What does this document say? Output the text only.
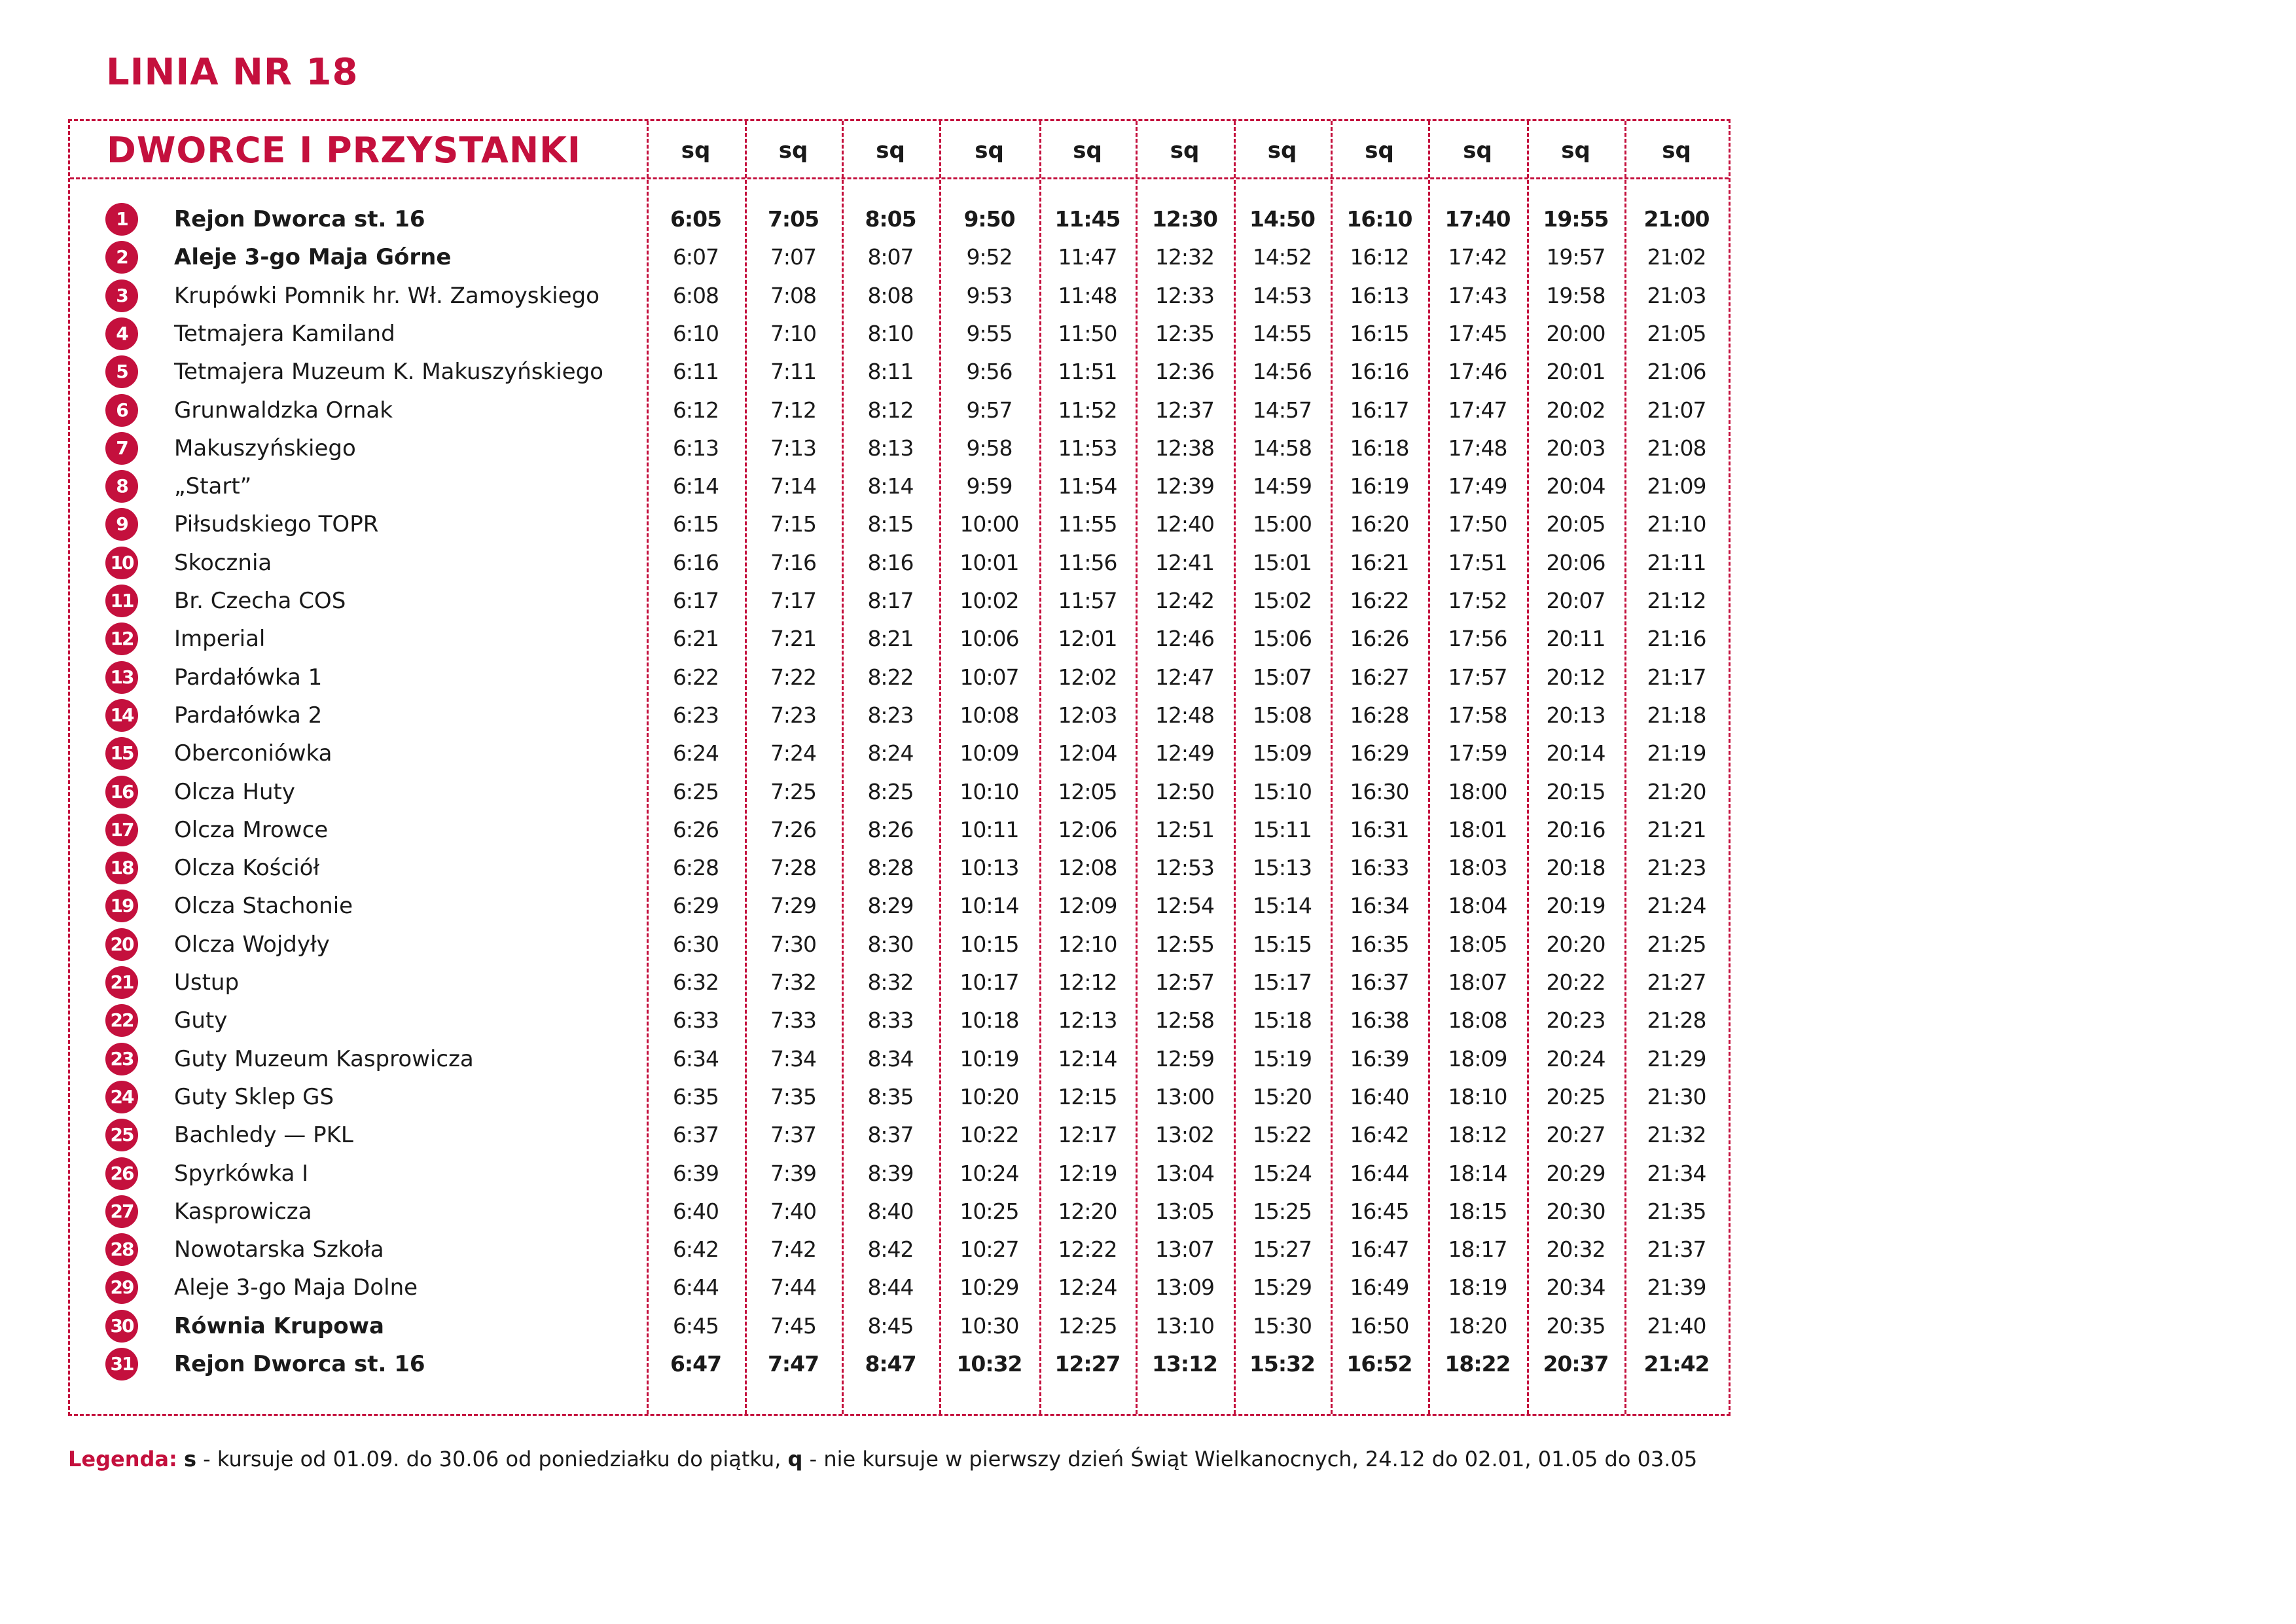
LINIA NR 18
DWORCE I PRZYSTANKI	sq	sq	sq	sq	sq	sq	sq	sq	sq	sq	sq
1	Rejon Dworca st. 16	6:05	7:05	8:05	9:50	11:45	12:30	14:50	16:10	17:40	19:55	21:00
2	Aleje 3-go Maja Górne	6:07	7:07	8:07	9:52	11:47	12:32	14:52	16:12	17:42	19:57	21:02
3	Krupówki Pomnik hr. Wł. Zamoyskiego	6:08	7:08	8:08	9:53	11:48	12:33	14:53	16:13	17:43	19:58	21:03
4	Tetmajera Kamiland	6:10	7:10	8:10	9:55	11:50	12:35	14:55	16:15	17:45	20:00	21:05
5	Tetmajera Muzeum K. Makuszyńskiego	6:11	7:11	8:11	9:56	11:51	12:36	14:56	16:16	17:46	20:01	21:06
6	Grunwaldzka Ornak	6:12	7:12	8:12	9:57	11:52	12:37	14:57	16:17	17:47	20:02	21:07
7	Makuszyńskiego	6:13	7:13	8:13	9:58	11:53	12:38	14:58	16:18	17:48	20:03	21:08
8	„Start”	6:14	7:14	8:14	9:59	11:54	12:39	14:59	16:19	17:49	20:04	21:09
9	Piłsudskiego TOPR	6:15	7:15	8:15	10:00	11:55	12:40	15:00	16:20	17:50	20:05	21:10
10 Skocznia	6:16	7:16	8:16	10:01	11:56	12:41	15:01	16:21	17:51	20:06	21:11
11 Br. Czecha COS	6:17	7:17	8:17	10:02	11:57	12:42	15:02	16:22	17:52	20:07	21:12
12 Imperial	6:21	7:21	8:21	10:06	12:01	12:46	15:06	16:26	17:56	20:11	21:16
13 Pardałówka 1	6:22	7:22	8:22	10:07	12:02	12:47	15:07	16:27	17:57	20:12	21:17
14 Pardałówka 2	6:23	7:23	8:23	10:08	12:03	12:48	15:08	16:28	17:58	20:13	21:18
15 Oberconiówka	6:24	7:24	8:24	10:09	12:04	12:49	15:09	16:29	17:59	20:14	21:19
16 Olcza Huty	6:25	7:25	8:25	10:10	12:05	12:50	15:10	16:30	18:00	20:15	21:20
17 Olcza Mrowce	6:26	7:26	8:26	10:11	12:06	12:51	15:11	16:31	18:01	20:16	21:21
18 Olcza Kościół	6:28	7:28	8:28	10:13	12:08	12:53	15:13	16:33	18:03	20:18	21:23
19 Olcza Stachonie	6:29	7:29	8:29	10:14	12:09	12:54	15:14	16:34	18:04	20:19	21:24
20 Olcza Wojdyły	6:30	7:30	8:30	10:15	12:10	12:55	15:15	16:35	18:05	20:20	21:25
21 Ustup	6:32	7:32	8:32	10:17	12:12	12:57	15:17	16:37	18:07	20:22	21:27
22 Guty	6:33	7:33	8:33	10:18	12:13	12:58	15:18	16:38	18:08	20:23	21:28
23 Guty Muzeum Kasprowicza	6:34	7:34	8:34	10:19	12:14	12:59	15:19	16:39	18:09	20:24	21:29
24 Guty Sklep GS	6:35	7:35	8:35	10:20	12:15	13:00	15:20	16:40	18:10	20:25	21:30
25 Bachledy — PKL	6:37	7:37	8:37	10:22	12:17	13:02	15:22	16:42	18:12	20:27	21:32
26 Spyrkówka I	6:39	7:39	8:39	10:24	12:19	13:04	15:24	16:44	18:14	20:29	21:34
27 Kasprowicza	6:40	7:40	8:40	10:25	12:20	13:05	15:25	16:45	18:15	20:30	21:35
28 Nowotarska Szkoła	6:42	7:42	8:42	10:27	12:22	13:07	15:27	16:47	18:17	20:32	21:37
29 Aleje 3-go Maja Dolne	6:44	7:44	8:44	10:29	12:24	13:09	15:29	16:49	18:19	20:34	21:39
30 Równia Krupowa	6:45	7:45	8:45	10:30	12:25	13:10	15:30	16:50	18:20	20:35	21:40
31 Rejon Dworca st. 16	6:47	7:47	8:47	10:32	12:27	13:12	15:32	16:52	18:22	20:37	21:42
Legenda: s - kursuje od 01.09. do 30.06 od poniedziałku do piątku, q - nie kursuje w pierwszy dzień Świąt Wielkanocnych, 24.12 do 02.01, 01.05 do 03.05
